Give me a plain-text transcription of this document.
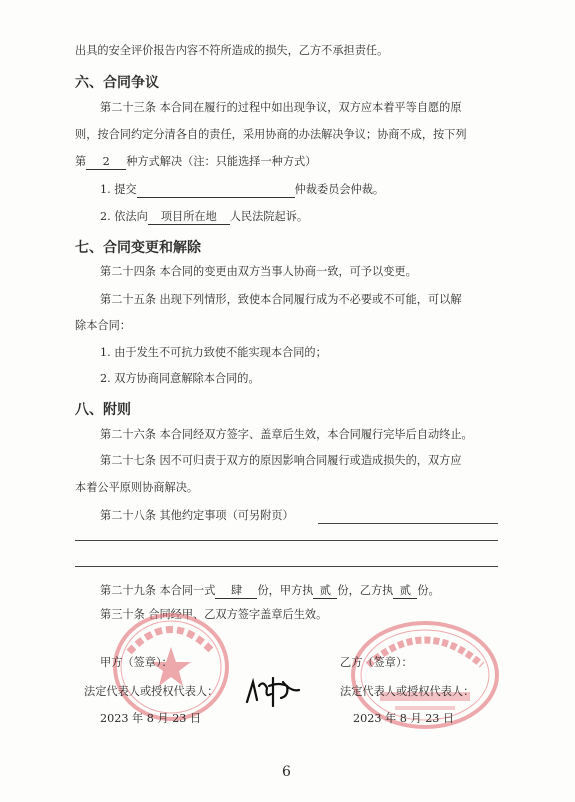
出具的安全评价报告内容不符所造成的损失，乙方不承担责任。
六、合同争议
第二十三条 本合同在履行的过程中如出现争议，双方应本着平等自愿的原
则，按合同约定分清各自的责任，采用协商的办法解决争议；协商不成，按下列
第 2 种方式解决（注：只能选择一种方式）
1. 提交	仲裁委员会仲裁。
2. 依法向 项目所在地 人民法院起诉。
七、合同变更和解除
第二十四条 本合同的变更由双方当事人协商一致，可予以变更。
第二十五条 出现下列情形，致使本合同履行成为不必要或不可能，可以解
除本合同：
1. 由于发生不可抗力致使不能实现本合同的；
2. 双方协商同意解除本合同的。
八、附则
第二十六条 本合同经双方签字、盖章后生效，本合同履行完毕后自动终止。
第二十七条 因不可归责于双方的原因影响合同履行或造成损失的，双方应
本着公平原则协商解决。
第二十八条 其他约定事项（可另附页）
第二十九条 本合同一式 肆 份，甲方执 贰 份，乙方执 贰 份。
第三十条 合同经甲、乙双方签字盖章后生效。
甲方（签章）：
法定代表人或授权代表人：
2023 年 8 月 23 日
乙方（签章）：
法定代表人或授权代表人：
2023 年 8 月 23 日
6
